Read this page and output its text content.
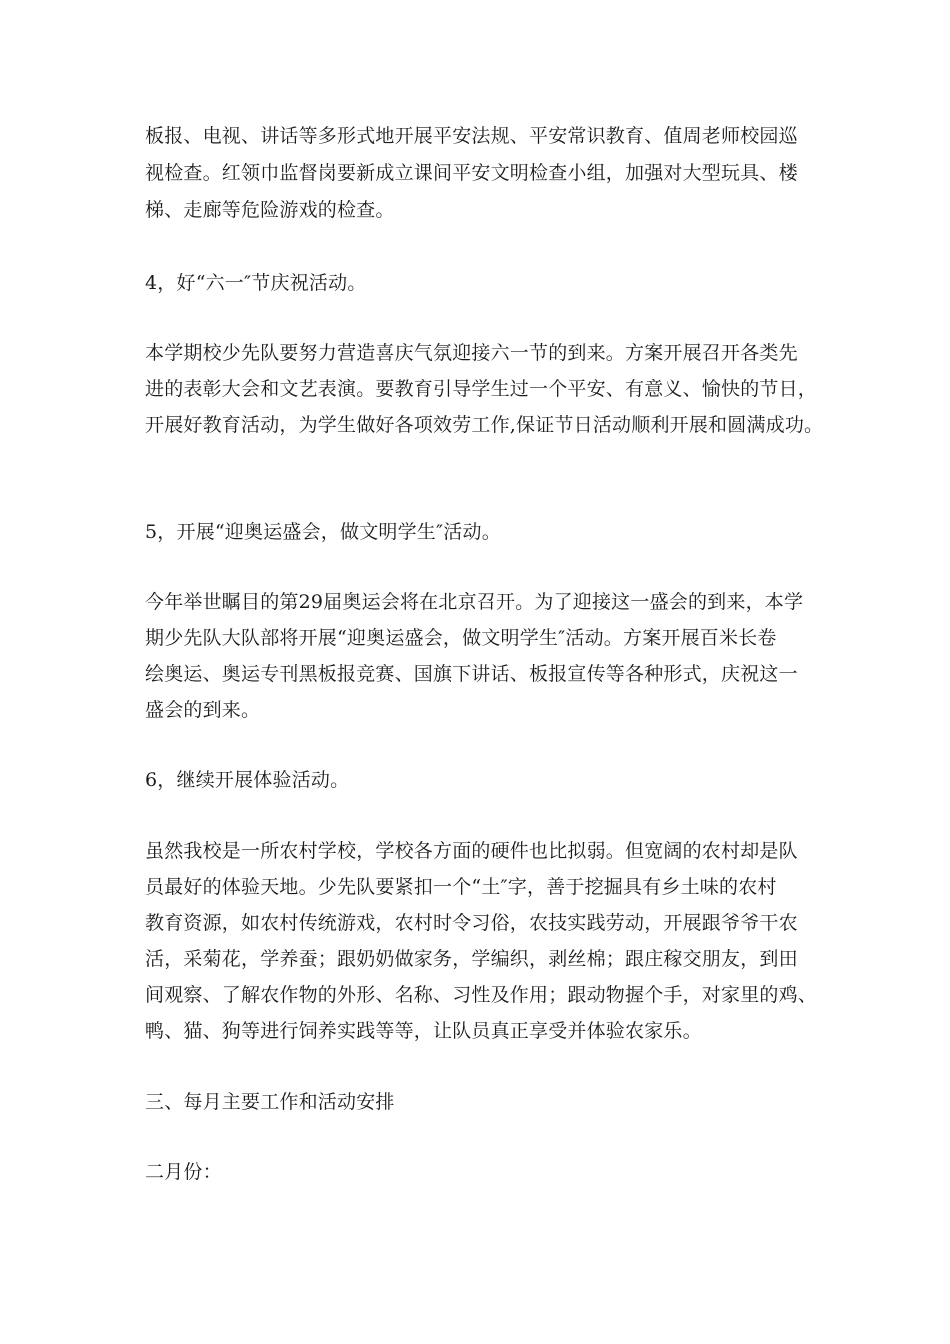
板报、电视、讲话等多形式地开展平安法规、平安常识教育、值周老师校园巡
视检查。红领巾监督岗要新成立课间平安文明检查小组，加强对大型玩具、楼
梯、走廊等危险游戏的检查。
4，好“六一″节庆祝活动。
本学期校少先队要努力营造喜庆气氛迎接六一节的到来。方案开展召开各类先
进的表彰大会和文艺表演。要教育引导学生过一个平安、有意义、愉快的节日，
开展好教育活动，为学生做好各项效劳工作,保证节日活动顺利开展和圆满成功。
5，开展“迎奥运盛会，做文明学生″活动。
今年举世瞩目的第29届奥运会将在北京召开。为了迎接这一盛会的到来，本学
期少先队大队部将开展“迎奥运盛会，做文明学生″活动。方案开展百米长卷
绘奥运、奥运专刊黑板报竞赛、国旗下讲话、板报宣传等各种形式，庆祝这一
盛会的到来。
6，继续开展体验活动。
虽然我校是一所农村学校，学校各方面的硬件也比拟弱。但宽阔的农村却是队
员最好的体验天地。少先队要紧扣一个“土″字，善于挖掘具有乡土味的农村
教育资源，如农村传统游戏，农村时令习俗，农技实践劳动，开展跟爷爷干农
活，采菊花，学养蚕；跟奶奶做家务，学编织，剥丝棉；跟庄稼交朋友，到田
间观察、了解农作物的外形、名称、习性及作用；跟动物握个手，对家里的鸡、
鸭、猫、狗等进行饲养实践等等，让队员真正享受并体验农家乐。
三、每月主要工作和活动安排
二月份：
